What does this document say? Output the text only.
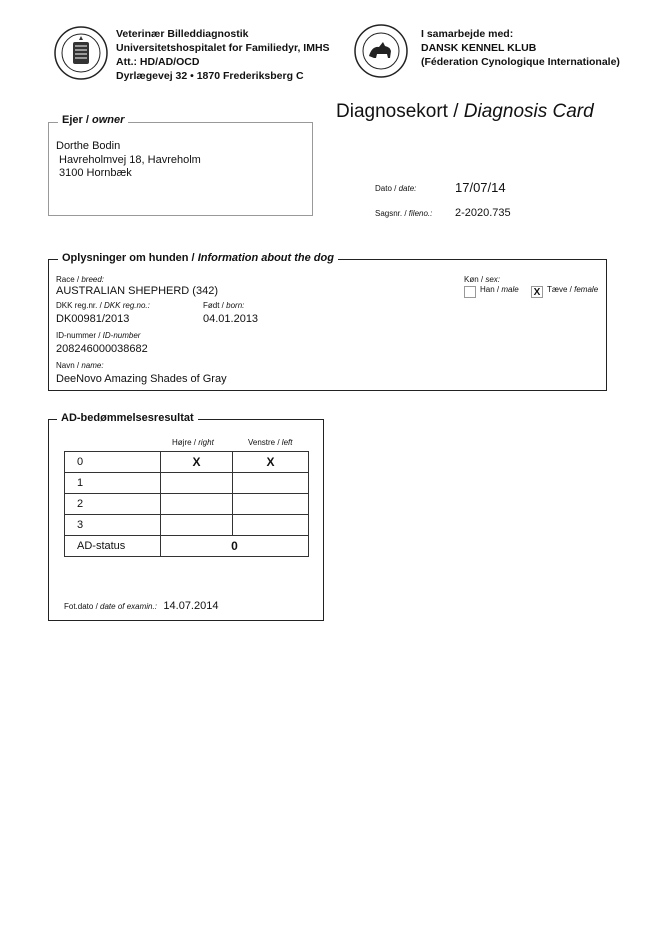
Veterinær Billeddiagnostik
Universitetshospitalet for Familiedyr, IMHS
Att.: HD/AD/OCD
Dyrlægevej 32 • 1870 Frederiksberg C
I samarbejde med:
DANSK KENNEL KLUB
(Féderation Cynologique Internationale)
Diagnosekort / Diagnosis Card
Ejer / owner
Dorthe Bodin
Havreholmvej 18, Havreholm
3100 Hornbæk
Dato / date:	17/07/14
Sagsnr. / fileno.: 2-2020.735
Oplysninger om hunden / Information about the dog
Race / breed:
AUSTRALIAN SHEPHERD (342)
DKK reg.nr. / DKK reg.no.:
DK00981/2013
Født / born:
04.01.2013
ID-nummer / ID-number
208246000038682
Navn / name:
DeeNovo Amazing Shades of Gray
Køn / sex:
Han / male X Tæve / female
AD-bedømmelsesresultat
Højre / right	Venstre / left
0	X	X
1		
2		
3		
AD-status	0	
Fot.dato / date of examin.: 14.07.2014
